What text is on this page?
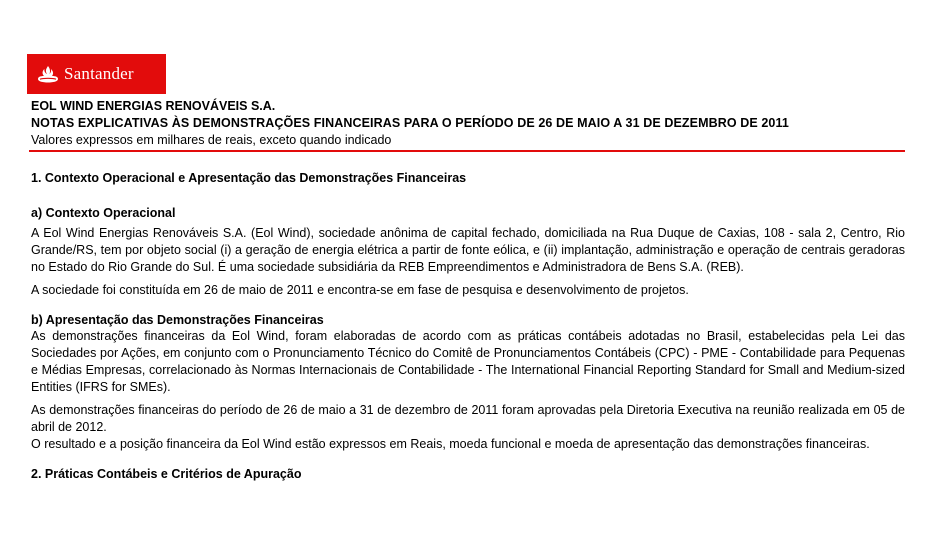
Santander
EOL WIND ENERGIAS RENOVÁVEIS S.A.
NOTAS EXPLICATIVAS ÀS DEMONSTRAÇÕES FINANCEIRAS PARA O PERÍODO DE 26 DE MAIO A 31 DE DEZEMBRO DE 2011
Valores expressos em milhares de reais, exceto quando indicado
1. Contexto Operacional e Apresentação das Demonstrações Financeiras
a) Contexto Operacional

A Eol Wind Energias Renováveis S.A. (Eol Wind), sociedade anônima de capital fechado, domiciliada na Rua Duque de Caxias, 108 - sala 2, Centro, Rio Grande/RS, tem por objeto social (i) a geração de energia elétrica a partir de fonte eólica, e (ii) implantação, administração e operação de centrais geradoras no Estado do Rio Grande do Sul. É uma sociedade subsidiária da REB Empreendimentos e Administradora de Bens S.A. (REB).

A sociedade foi constituída em 26 de maio de 2011 e encontra-se em fase de pesquisa e desenvolvimento de projetos.

b) Apresentação das Demonstrações Financeiras

As demonstrações financeiras da Eol Wind, foram elaboradas de acordo com as práticas contábeis adotadas no Brasil, estabelecidas pela Lei das Sociedades por Ações, em conjunto com o Pronunciamento Técnico do Comitê de Pronunciamentos Contábeis (CPC) - PME - Contabilidade para Pequenas e Médias Empresas, correlacionado às Normas Internacionais de Contabilidade - The International Financial Reporting Standard for Small and Medium-sized Entities (IFRS for SMEs).

As demonstrações financeiras do período de 26 de maio a 31 de dezembro de 2011 foram aprovadas pela Diretoria Executiva na reunião realizada em 05 de abril de 2012.

O resultado e a posição financeira da Eol Wind estão expressos em Reais, moeda funcional e moeda de apresentação das demonstrações financeiras.

2. Práticas Contábeis e Critérios de Apuração
